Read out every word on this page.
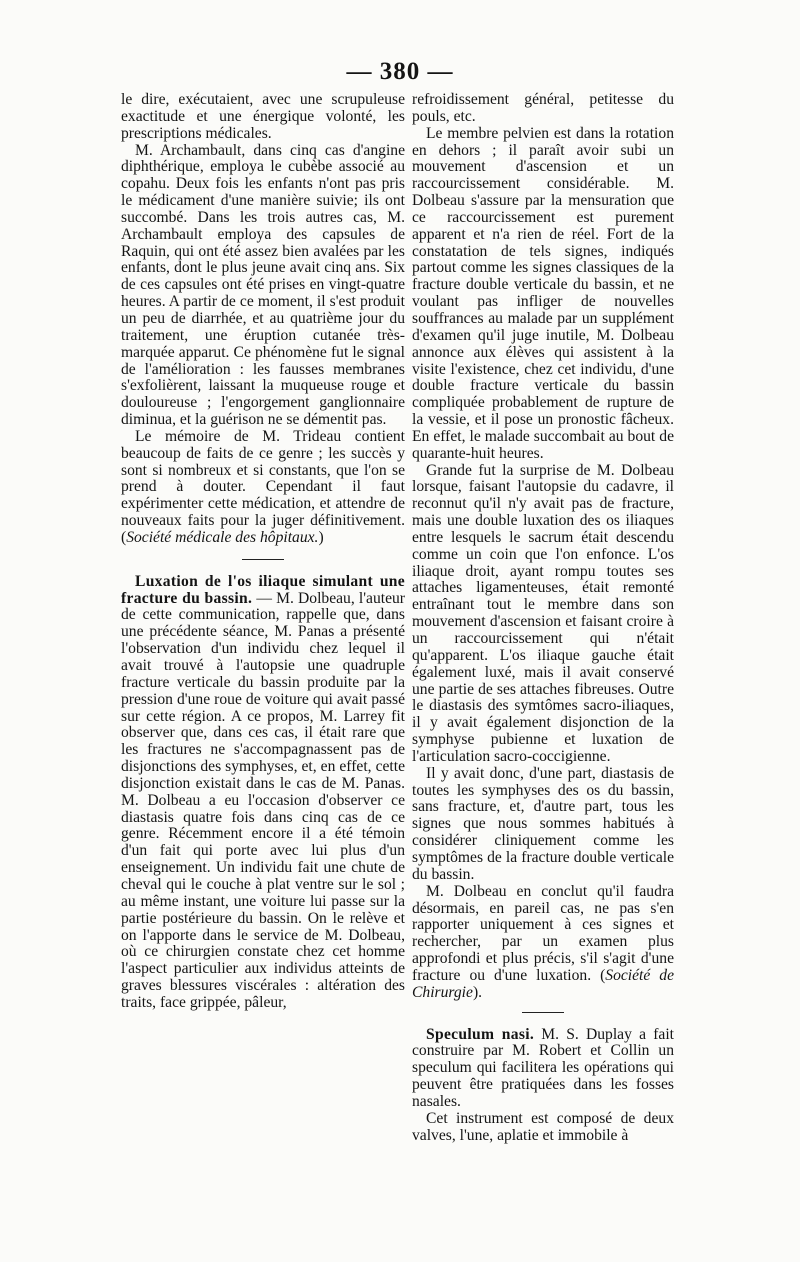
— 380 —

le dire, exécutaient, avec une scrupuleuse exactitude et une énergique volonté, les prescriptions médicales.

M. Archambault, dans cinq cas d'angine diphthérique, employa le cubèbe associé au copahu. Deux fois les enfants n'ont pas pris le médicament d'une manière suivie; ils ont succombé. Dans les trois autres cas, M. Archambault employa des capsules de Raquin, qui ont été assez bien avalées par les enfants, dont le plus jeune avait cinq ans. Six de ces capsules ont été prises en vingt-quatre heures. A partir de ce moment, il s'est produit un peu de diarrhée, et au quatrième jour du traitement, une éruption cutanée très-marquée apparut. Ce phénomène fut le signal de l'amélioration : les fausses membranes s'exfolièrent, laissant la muqueuse rouge et douloureuse ; l'engorgement ganglionnaire diminua, et la guérison ne se démentit pas.

Le mémoire de M. Trideau contient beaucoup de faits de ce genre ; les succès y sont si nombreux et si constants, que l'on se prend à douter. Cependant il faut expérimenter cette médication, et attendre de nouveaux faits pour la juger définitivement. (Société médicale des hôpitaux.)

Luxation de l'os iliaque simulant une fracture du bassin. — M. Dolbeau, l'auteur de cette communication, rappelle que, dans une précédente séance, M. Panas a présenté l'observation d'un individu chez lequel il avait trouvé à l'autopsie une quadruple fracture verticale du bassin produite par la pression d'une roue de voiture qui avait passé sur cette région. A ce propos, M. Larrey fit observer que, dans ces cas, il était rare que les fractures ne s'accompagnassent pas de disjonctions des symphyses, et, en effet, cette disjonction existait dans le cas de M. Panas. M. Dolbeau a eu l'occasion d'observer ce diastasis quatre fois dans cinq cas de ce genre. Récemment encore il a été témoin d'un fait qui porte avec lui plus d'un enseignement. Un individu fait une chute de cheval qui le couche à plat ventre sur le sol ; au même instant, une voiture lui passe sur la partie postérieure du bassin. On le relève et on l'apporte dans le service de M. Dolbeau, où ce chirurgien constate chez cet homme l'aspect particulier aux individus atteints de graves blessures viscérales : altération des traits, face grippée, pâleur,

refroidissement général, petitesse du pouls, etc.

Le membre pelvien est dans la rotation en dehors ; il paraît avoir subi un mouvement d'ascension et un raccourcissement considérable. M. Dolbeau s'assure par la mensuration que ce raccourcissement est purement apparent et n'a rien de réel. Fort de la constatation de tels signes, indiqués partout comme les signes classiques de la fracture double verticale du bassin, et ne voulant pas infliger de nouvelles souffrances au malade par un supplément d'examen qu'il juge inutile, M. Dolbeau annonce aux élèves qui assistent à la visite l'existence, chez cet individu, d'une double fracture verticale du bassin compliquée probablement de rupture de la vessie, et il pose un pronostic fâcheux. En effet, le malade succombait au bout de quarante-huit heures.

Grande fut la surprise de M. Dolbeau lorsque, faisant l'autopsie du cadavre, il reconnut qu'il n'y avait pas de fracture, mais une double luxation des os iliaques entre lesquels le sacrum était descendu comme un coin que l'on enfonce. L'os iliaque droit, ayant rompu toutes ses attaches ligamenteuses, était remonté entraînant tout le membre dans son mouvement d'ascension et faisant croire à un raccourcissement qui n'était qu'apparent. L'os iliaque gauche était également luxé, mais il avait conservé une partie de ses attaches fibreuses. Outre le diastasis des symtômes sacro-iliaques, il y avait également disjonction de la symphyse pubienne et luxation de l'articulation sacro-coccigienne.

Il y avait donc, d'une part, diastasis de toutes les symphyses des os du bassin, sans fracture, et, d'autre part, tous les signes que nous sommes habitués à considérer cliniquement comme les symptômes de la fracture double verticale du bassin.

M. Dolbeau en conclut qu'il faudra désormais, en pareil cas, ne pas s'en rapporter uniquement à ces signes et rechercher, par un examen plus approfondi et plus précis, s'il s'agit d'une fracture ou d'une luxation. (Société de Chirurgie).

Speculum nasi. M. S. Duplay a fait construire par M. Robert et Collin un speculum qui facilitera les opérations qui peuvent être pratiquées dans les fosses nasales.

Cet instrument est composé de deux valves, l'une, aplatie et immobile à
